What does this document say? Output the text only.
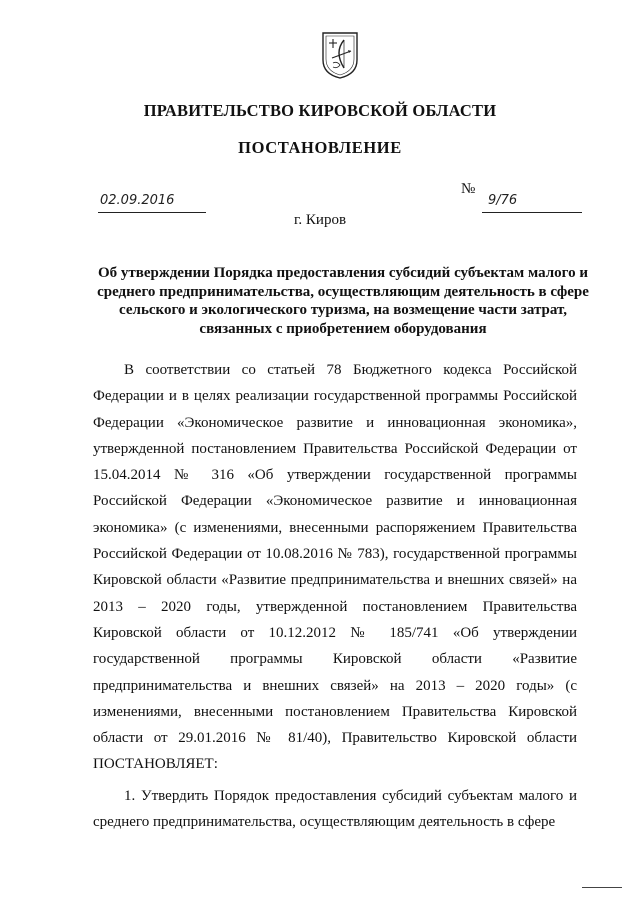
ПРАВИТЕЛЬСТВО КИРОВСКОЙ ОБЛАСТИ
ПОСТАНОВЛЕНИЕ
02.09.2016
№
9/76
г. Киров
Об утверждении Порядка предоставления субсидий субъектам малого и среднего предпринимательства, осуществляющим деятельность в сфере сельского и экологического туризма, на возмещение части затрат, связанных с приобретением оборудования

В соответствии со статьей 78 Бюджетного кодекса Российской Федерации и в целях реализации государственной программы Российской Федерации «Экономическое развитие и инновационная экономика», утвержденной постановлением Правительства Российской Федерации от 15.04.2014 № 316 «Об утверждении государственной программы Российской Федерации «Экономическое развитие и инновационная экономика» (с изменениями, внесенными распоряжением Правительства Российской Федерации от 10.08.2016 № 783), государственной программы Кировской области «Развитие предпринимательства и внешних связей» на 2013 – 2020 годы, утвержденной постановлением Правительства Кировской области от 10.12.2012 № 185/741 «Об утверждении государственной программы Кировской области «Развитие предпринимательства и внешних связей» на 2013 – 2020 годы» (с изменениями, внесенными постановлением Правительства Кировской области от 29.01.2016 № 81/40), Правительство Кировской области ПОСТАНОВЛЯЕТ:

1. Утвердить Порядок предоставления субсидий субъектам малого и среднего предпринимательства, осуществляющим деятельность в сфере
